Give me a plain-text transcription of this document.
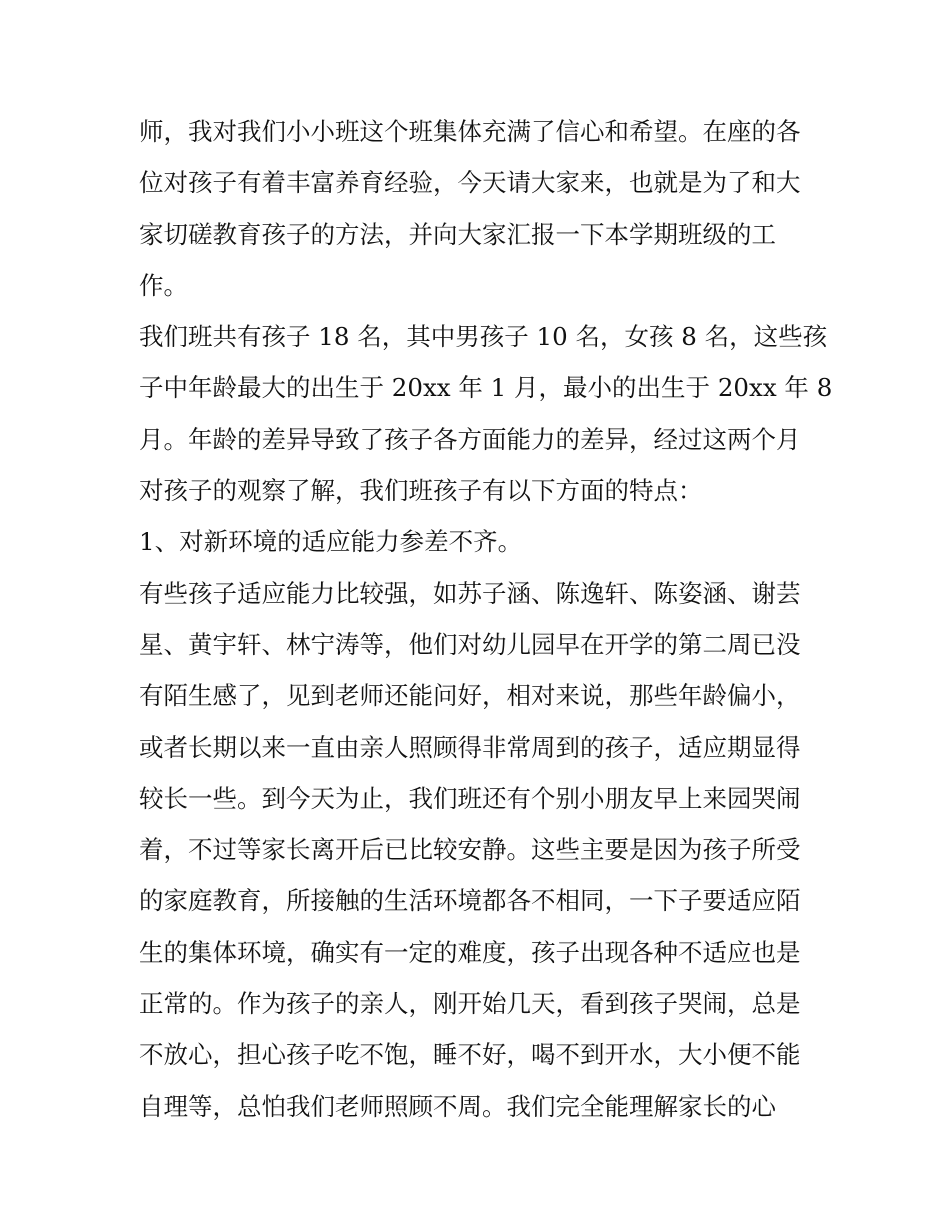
师，我对我们小小班这个班集体充满了信心和希望。在座的各
位对孩子有着丰富养育经验，今天请大家来，也就是为了和大
家切磋教育孩子的方法，并向大家汇报一下本学期班级的工
作。
我们班共有孩子 18 名，其中男孩子 10 名，女孩 8 名，这些孩
子中年龄最大的出生于 20xx 年 1 月，最小的出生于 20xx 年 8
月。年龄的差异导致了孩子各方面能力的差异，经过这两个月
对孩子的观察了解，我们班孩子有以下方面的特点：
1、对新环境的适应能力参差不齐。
有些孩子适应能力比较强，如苏子涵、陈逸轩、陈姿涵、谢芸
星、黄宇轩、林宁涛等，他们对幼儿园早在开学的第二周已没
有陌生感了，见到老师还能问好，相对来说，那些年龄偏小，
或者长期以来一直由亲人照顾得非常周到的孩子，适应期显得
较长一些。到今天为止，我们班还有个别小朋友早上来园哭闹
着，不过等家长离开后已比较安静。这些主要是因为孩子所受
的家庭教育，所接触的生活环境都各不相同，一下子要适应陌
生的集体环境，确实有一定的难度，孩子出现各种不适应也是
正常的。作为孩子的亲人，刚开始几天，看到孩子哭闹，总是
不放心，担心孩子吃不饱，睡不好，喝不到开水，大小便不能
自理等，总怕我们老师照顾不周。我们完全能理解家长的心
